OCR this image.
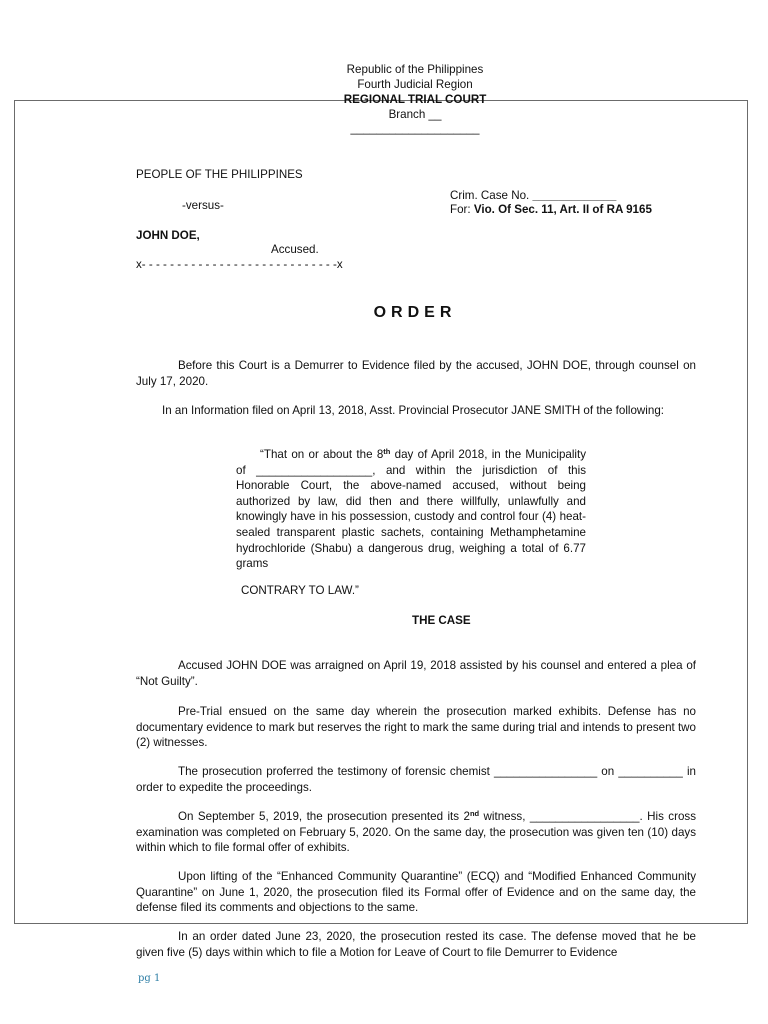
Republic of the Philippines
Fourth Judicial Region
REGIONAL TRIAL COURT
Branch __
____________________
PEOPLE OF THE PHILIPPINES
Crim. Case No. _____________
-versus-	For: Vio. Of Sec. 11, Art. II of RA 9165
JOHN DOE,
Accused.
x- - - - - - - - - - - - - - - - - - - - - - - - - - - -x
ORDER

Before this Court is a Demurrer to Evidence filed by the accused, JOHN DOE, through counsel on July 17, 2020.

In an Information filed on April 13, 2018, Asst. Provincial Prosecutor JANE SMITH of the following:

“That on or about the 8th day of April 2018, in the Municipality of __________________, and within the jurisdiction of this Honorable Court, the above-named accused, without being authorized by law, did then and there willfully, unlawfully and knowingly have in his possession, custody and control four (4) heat-sealed transparent plastic sachets, containing Methamphetamine hydrochloride (Shabu) a dangerous drug, weighing a total of 6.77 grams

CONTRARY TO LAW.”
THE CASE

Accused JOHN DOE was arraigned on April 19, 2018 assisted by his counsel and entered a plea of “Not Guilty”.

Pre-Trial ensued on the same day wherein the prosecution marked exhibits. Defense has no documentary evidence to mark but reserves the right to mark the same during trial and intends to present two (2) witnesses.

The prosecution proferred the testimony of forensic chemist ________________ on __________ in order to expedite the proceedings.

On September 5, 2019, the prosecution presented its 2nd witness, _________________. His cross examination was completed on February 5, 2020. On the same day, the prosecution was given ten (10) days within which to file formal offer of exhibits.

Upon lifting of the “Enhanced Community Quarantine” (ECQ) and “Modified Enhanced Community Quarantine” on June 1, 2020, the prosecution filed its Formal offer of Evidence and on the same day, the defense filed its comments and objections to the same.

In an order dated June 23, 2020, the prosecution rested its case. The defense moved that he be given five (5) days within which to file a Motion for Leave of Court to file Demurrer to Evidence

pg 1
